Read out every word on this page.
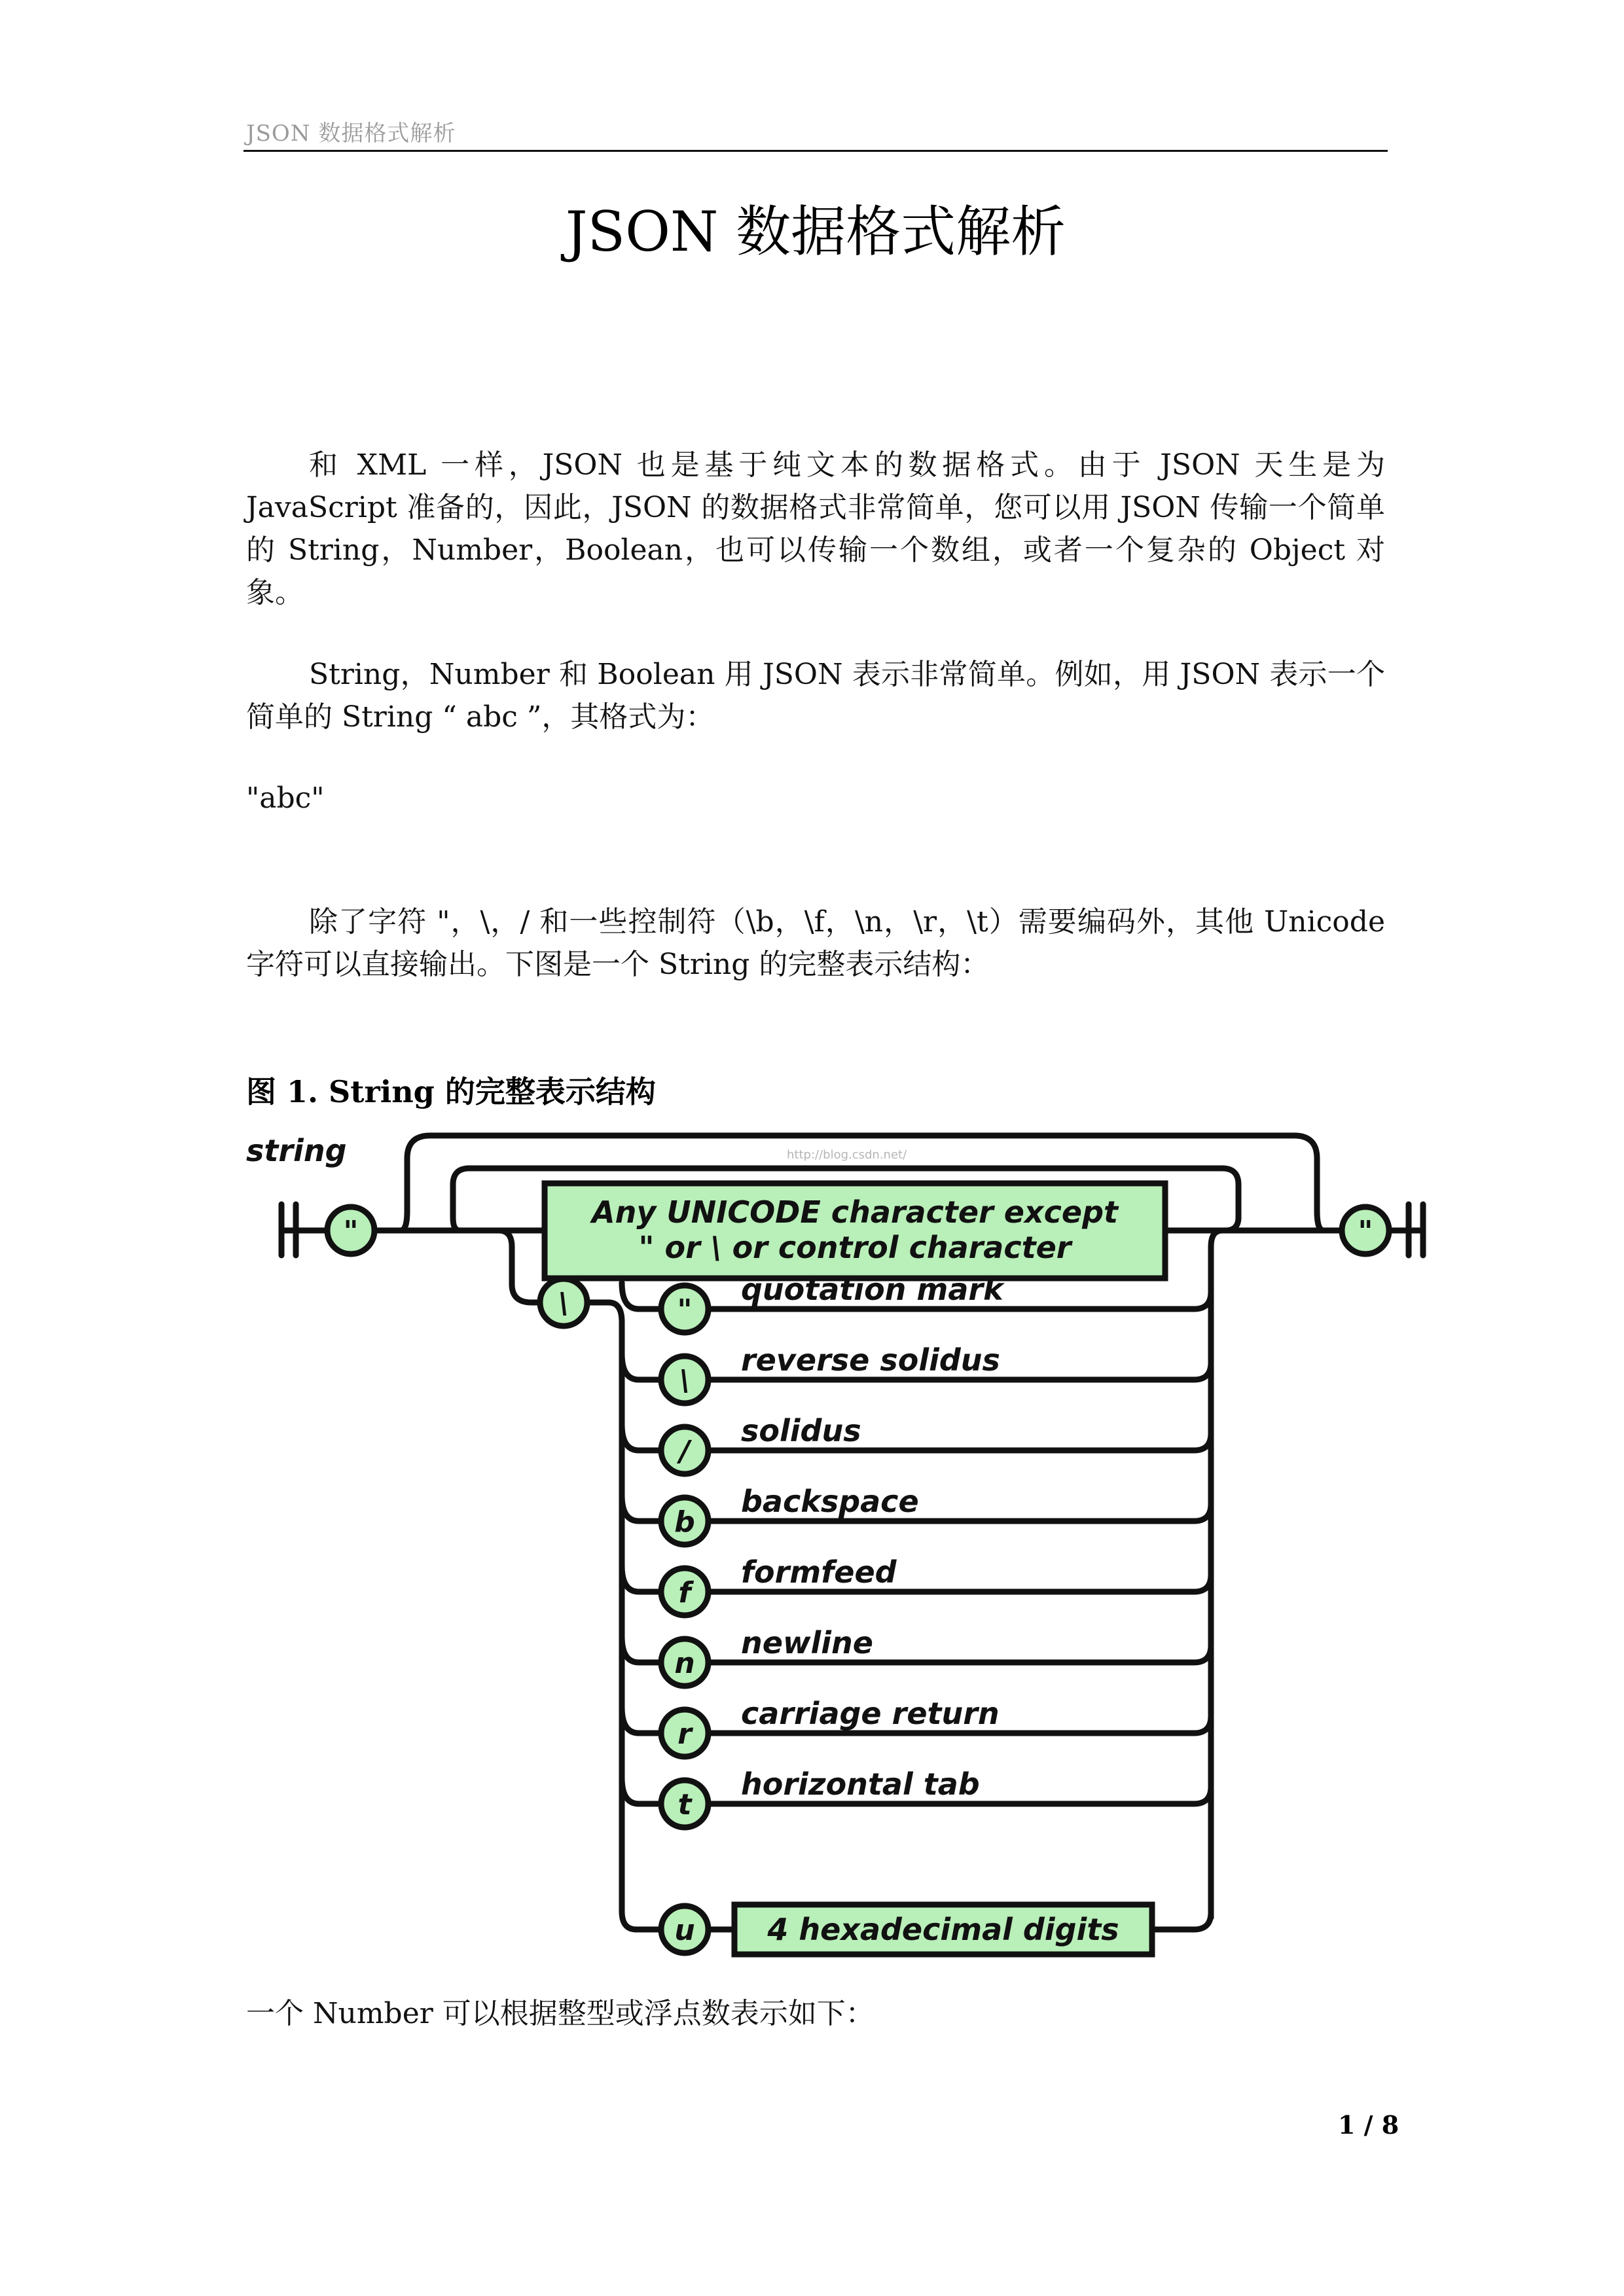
JSON 数据格式解析
JSON 数据格式解析
和 XML 一样，JSON 也是基于纯文本的数据格式。由于 JSON 天生是为 JavaScript 准备的，因此，JSON 的数据格式非常简单，您可以用 JSON 传输一个简单的 String，Number，Boolean，也可以传输一个数组，或者一个复杂的 Object 对象。
String，Number 和 Boolean 用 JSON 表示非常简单。例如，用 JSON 表示一个简单的 String “ abc ”，其格式为：
"abc"
除了字符 "，\，/ 和一些控制符（\b，\f，\n，\r，\t）需要编码外，其他 Unicode 字符可以直接输出。下图是一个 String 的完整表示结构：
图 1. String 的完整表示结构
http://blog.csdn.net/
string
Any UNICODE character except
" or \ or control character
"	"
\	"
quotation mark
\
reverse solidus
/
solidus
b
backspace
f
formfeed
n
newline
r
carriage return
t
horizontal tab
u 4 hexadecimal digits
一个 Number 可以根据整型或浮点数表示如下：
1 / 8
